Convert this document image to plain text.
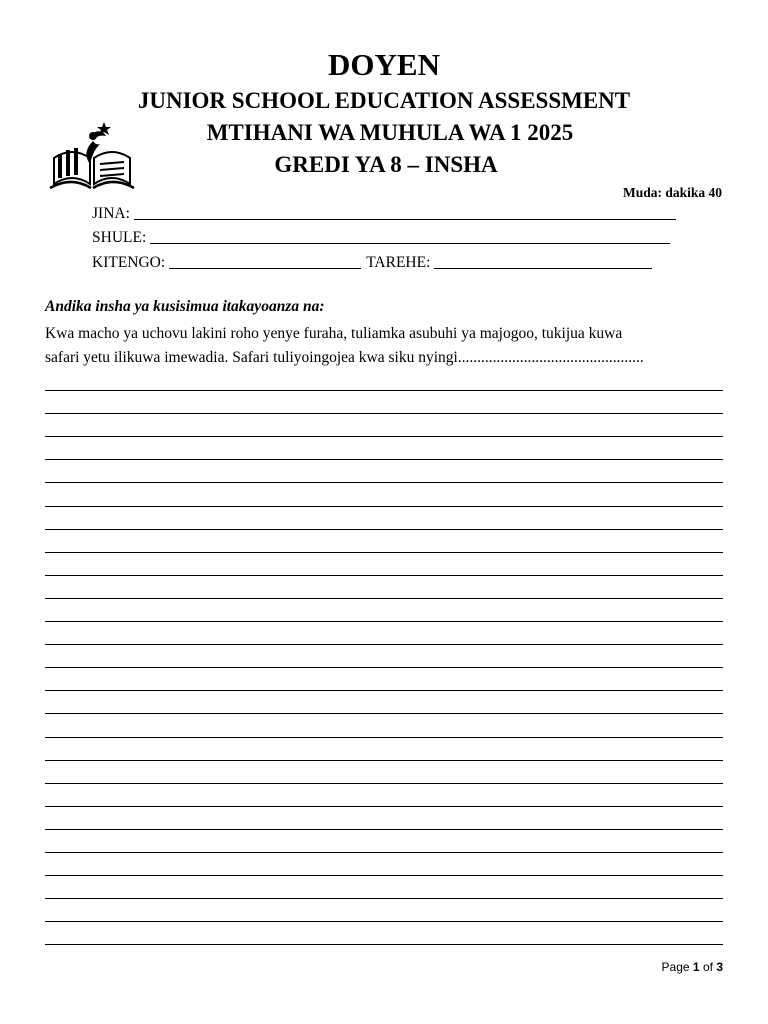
DOYEN
JUNIOR SCHOOL EDUCATION ASSESSMENT
MTIHANI WA MUHULA WA 1 2025
GREDI YA 8 – INSHA
Muda: dakika 40
JINA:
SHULE:
KITENGO:	TAREHE:
Andika insha ya kusisimua itakayoanza na:
Kwa macho ya uchovu lakini roho yenye furaha, tuliamka asubuhi ya majogoo, tukijua kuwa
safari yetu ilikuwa imewadia. Safari tuliyoingojea kwa siku nyingi................................................
Page 1 of 3
